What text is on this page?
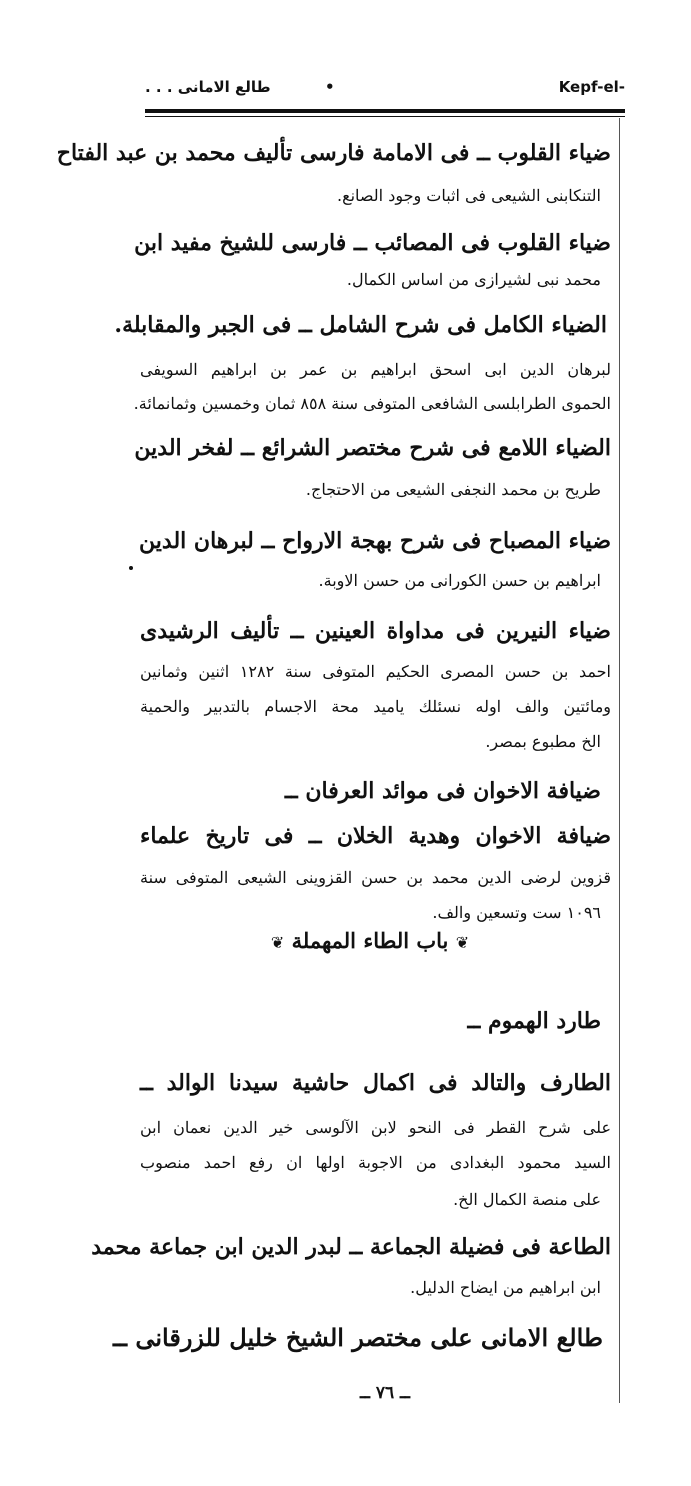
طالع الامانى . . .	•	Kepf-el-
ضياء القلوب ــ فى الامامة فارسى تأليف محمد بن عبد الفتاح
التنكابنى الشيعى فى اثبات وجود الصانع.
ضياء القلوب فى المصائب ــ فارسى للشيخ مفيد ابن
محمد نبى لشيرازى من اساس الكمال.
الضياء الكامل فى شرح الشامل ــ فى الجبر والمقابلة.
لبرهان الدين ابى اسحق ابراهيم بن عمر بن ابراهيم السويفى
الحموى الطرابلسى الشافعى المتوفى سنة ٨٥٨ ثمان وخمسين وثمانمائة.
الضياء اللامع فى شرح مختصر الشرائع ــ لفخر الدين
طريح بن محمد النجفى الشيعى من الاحتجاج.
ضياء المصباح فى شرح بهجة الارواح ــ لبرهان الدين
ابراهيم بن حسن الكورانى من حسن الاوبة.
ضياء النيرين فى مداواة العينين ــ تأليف الرشيدى
احمد بن حسن المصرى الحكيم المتوفى سنة ١٢٨٢ اثنين وثمانين
ومائتين والف اوله نسئلك ياميد محة الاجسام بالتدبير والحمية
الخ مطبوع بمصر.
ضيافة الاخوان فى موائد العرفان ــ
ضيافة الاخوان وهدية الخلان ــ فى تاريخ علماء
قزوين لرضى الدين محمد بن حسن القزوينى الشيعى المتوفى سنة
١٠٩٦ ست وتسعين والف.
❦ باب الطاء المهملة ❦
طارد الهموم ــ
الطارف والتالد فى اكمال حاشية سيدنا الوالد ــ
على شرح القطر فى النحو لابن الآلوسى خير الدين نعمان ابن
السيد محمود البغدادى من الاجوبة اولها ان رفع احمد منصوب
على منصة الكمال الخ.
الطاعة فى فضيلة الجماعة ــ لبدر الدين ابن جماعة محمد
ابن ابراهيم من ايضاح الدليل.
طالع الامانى على مختصر الشيخ خليل للزرقانى ــ
ــ ٧٦ ــ
